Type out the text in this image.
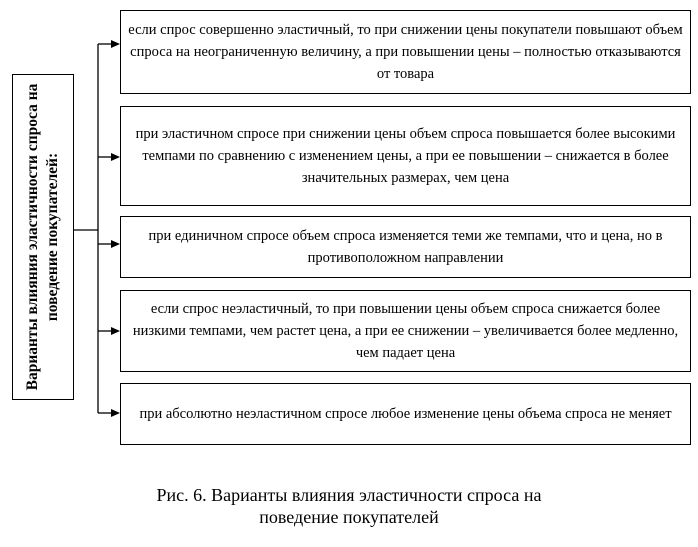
Варианты влияния эластичности спроса на поведение покупателей:
если спрос совершенно эластичный, то при снижении цены покупатели повышают объем спроса на неограниченную величину, а при повышении цены – полностью отказываются от товара
при эластичном спросе при снижении цены объем спроса повышается более высокими темпами по сравнению с изменением цены, а при ее повышении – снижается в более значительных размерах, чем цена
при единичном спросе объем спроса изменяется теми же темпами, что и цена, но в противоположном направлении
если спрос неэластичный, то при повышении цены объем спроса снижается более низкими темпами, чем растет цена, а при ее снижении – увеличивается более медленно, чем падает цена
при абсолютно неэластичном спросе любое изменение цены объема спроса не меняет
Рис. 6. Варианты влияния эластичности спроса на
поведение покупателей
